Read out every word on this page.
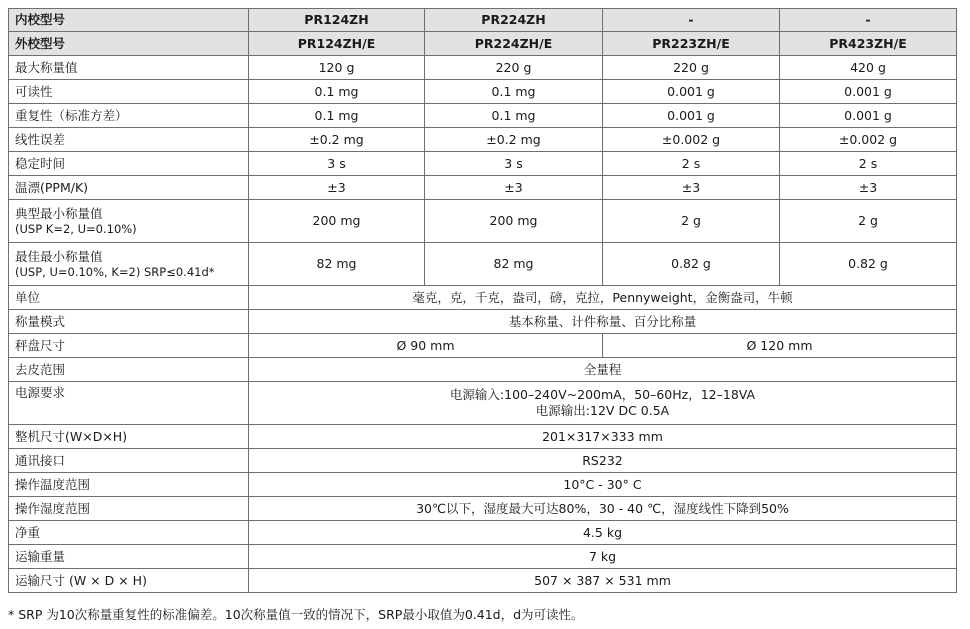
内校型号	PR124ZH	PR224ZH	-	-
外校型号	PR124ZH/E	PR224ZH/E	PR223ZH/E	PR423ZH/E
最大称量值	120 g	220 g	220 g	420 g
可读性	0.1 mg	0.1 mg	0.001 g	0.001 g
重复性（标准方差）	0.1 mg	0.1 mg	0.001 g	0.001 g
线性误差	±0.2 mg	±0.2 mg	±0.002 g	±0.002 g
稳定时间	3 s	3 s	2 s	2 s
温漂(PPM/K)	±3	±3	±3	±3

典型最小称量值
(USP K=2, U=0.10%)	200 mg	200 mg	2 g	2 g

最佳最小称量值
(USP, U=0.10%, K=2) SRP≤0.41d*	82 mg	82 mg	0.82 g	0.82 g
单位	毫克，克，千克，盎司，磅，克拉，Pennyweight，金衡盎司，牛顿			
称量模式	基本称量、计件称量、百分比称量			
秤盘尺寸	Ø 90 mm		Ø 120 mm	
去皮范围	全量程			
电源要求	电源输入:100–240V~200mA，50–60Hz，12–18VA
电源输出:12V DC 0.5A			

整机尺寸(W×D×H)	201×317×333 mm			
通讯接口	RS232			
操作温度范围	10°C - 30° C			
操作湿度范围	30℃以下，湿度最大可达80%，30 - 40 ℃，湿度线性下降到50%			
净重	4.5 kg			
运输重量	7 kg			
运输尺寸 (W × D × H)	507 × 387 × 531 mm			
* SRP 为10次称量重复性的标准偏差。10次称量值一致的情况下，SRP最小取值为0.41d，d为可读性。
